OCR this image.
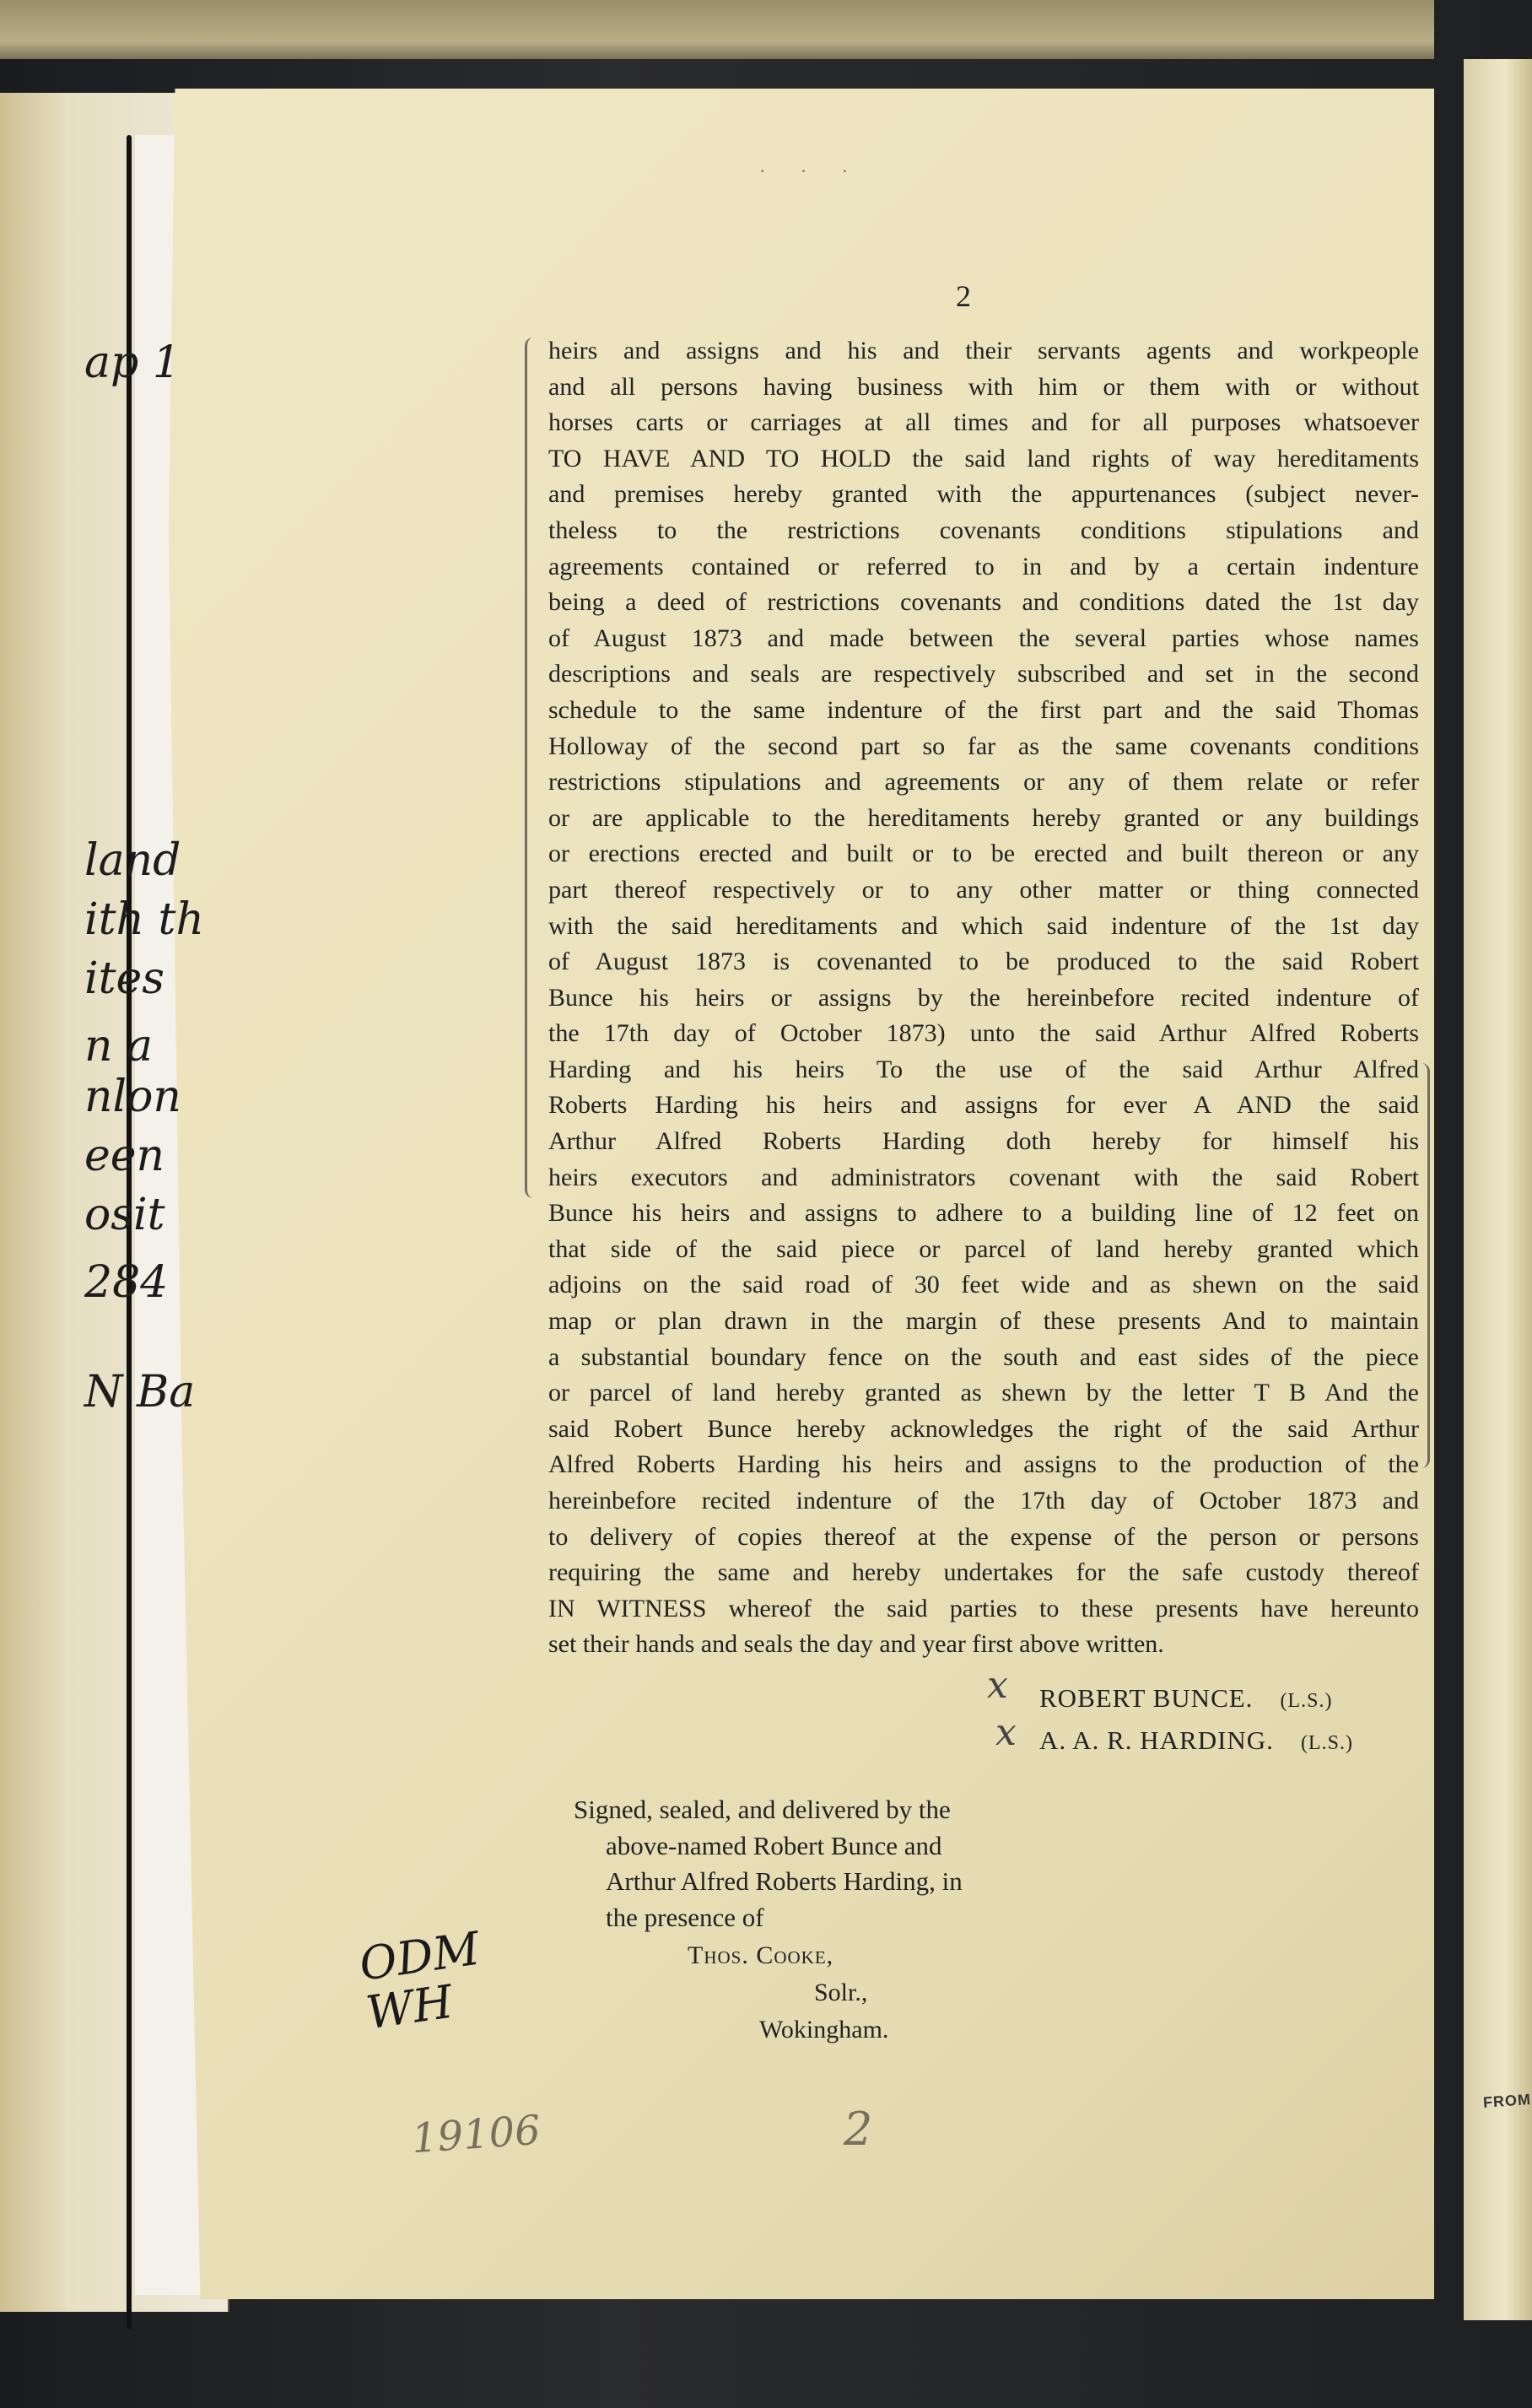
FROM
ap 1
land
ith th
ites
n a
nlon
een
osit
284
N Ba
· · ·
2
heirs and assigns and his and their servants agents and workpeople
and all persons having business with him or them with or without
horses carts or carriages at all times and for all purposes whatsoever
TO HAVE AND TO HOLD the said land rights of way hereditaments
and premises hereby granted with the appurtenances (subject never-
theless to the restrictions covenants conditions stipulations and
agreements contained or referred to in and by a certain indenture
being a deed of restrictions covenants and conditions dated the 1st day
of August 1873 and made between the several parties whose names
descriptions and seals are respectively subscribed and set in the second
schedule to the same indenture of the first part and the said Thomas
Holloway of the second part so far as the same covenants conditions
restrictions stipulations and agreements or any of them relate or refer
or are applicable to the hereditaments hereby granted or any buildings
or erections erected and built or to be erected and built thereon or any
part thereof respectively or to any other matter or thing connected
with the said hereditaments and which said indenture of the 1st day
of August 1873 is covenanted to be produced to the said Robert
Bunce his heirs or assigns by the hereinbefore recited indenture of
the 17th day of October 1873) unto the said Arthur Alfred Roberts
Harding and his heirs To the use of the said Arthur Alfred
Roberts Harding his heirs and assigns for ever A AND the said
Arthur Alfred Roberts Harding doth hereby for himself his
heirs executors and administrators covenant with the said Robert
Bunce his heirs and assigns to adhere to a building line of 12 feet on
that side of the said piece or parcel of land hereby granted which
adjoins on the said road of 30 feet wide and as shewn on the said
map or plan drawn in the margin of these presents And to maintain
a substantial boundary fence on the south and east sides of the piece
or parcel of land hereby granted as shewn by the letter T B And the
said Robert Bunce hereby acknowledges the right of the said Arthur
Alfred Roberts Harding his heirs and assigns to the production of the
hereinbefore recited indenture of the 17th day of October 1873 and
to delivery of copies thereof at the expense of the person or persons
requiring the same and hereby undertakes for the safe custody thereof
IN WITNESS whereof the said parties to these presents have hereunto
set their hands and seals the day and year first above written.
x ROBERT BUNCE. (L.S.)
x A. A. R. HARDING. (L.S.)
Signed, sealed, and delivered by the
above-named Robert Bunce and
Arthur Alfred Roberts Harding, in
the presence of
Thos. Cooke,
Solr.,
Wokingham.
ODM
WH
19106	2
